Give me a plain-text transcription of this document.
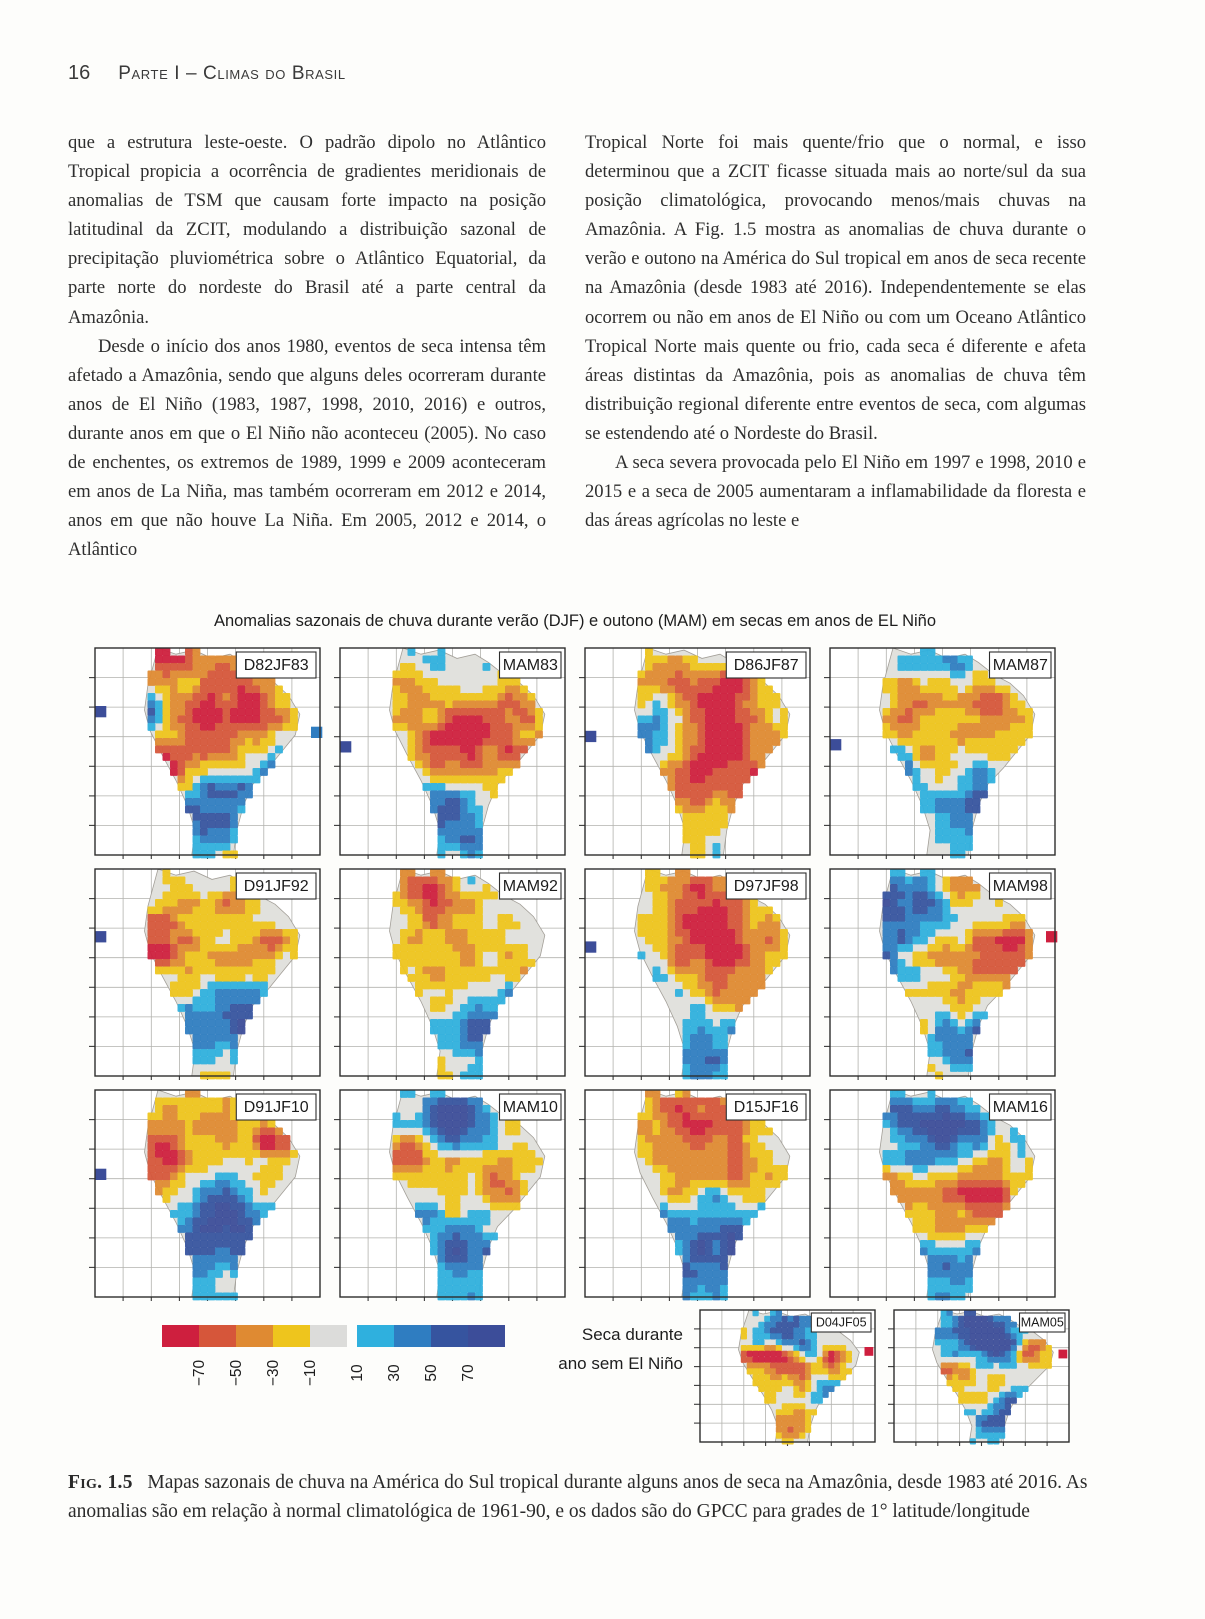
16 Parte I – Climas do Brasil

que a estrutura leste-oeste. O padrão dipolo no Atlântico Tropical propicia a ocorrência de gradientes meridionais de anomalias de TSM que causam forte impacto na posição latitudinal da ZCIT, modulando a distribuição sazonal de precipitação pluviométrica sobre o Atlântico Equatorial, da parte norte do nordeste do Brasil até a parte central da Amazônia.

Desde o início dos anos 1980, eventos de seca intensa têm afetado a Amazônia, sendo que alguns deles ocorreram durante anos de El Niño (1983, 1987, 1998, 2010, 2016) e outros, durante anos em que o El Niño não aconteceu (2005). No caso de enchentes, os extremos de 1989, 1999 e 2009 aconteceram em anos de La Niña, mas também ocorreram em 2012 e 2014, anos em que não houve La Niña. Em 2005, 2012 e 2014, o Atlântico

Tropical Norte foi mais quente/frio que o normal, e isso determinou que a ZCIT ficasse situada mais ao norte/sul da sua posição climatológica, provocando menos/mais chuvas na Amazônia. A Fig. 1.5 mostra as anomalias de chuva durante o verão e outono na América do Sul tropical em anos de seca recente na Amazônia (desde 1983 até 2016). Independentemente se elas ocorrem ou não em anos de El Niño ou com um Oceano Atlântico Tropical Norte mais quente ou frio, cada seca é diferente e afeta áreas distintas da Amazônia, pois as anomalias de chuva têm distribuição regional diferente entre eventos de seca, com algumas se estendendo até o Nordeste do Brasil.

A seca severa provocada pelo El Niño em 1997 e 1998, 2010 e 2015 e a seca de 2005 aumentaram a inflamabilidade da floresta e das áreas agrícolas no leste e

Anomalias sazonais de chuva durante verão (DJF) e outono (MAM) em secas em anos de EL Niño
D82JF83	MAM83	D86JF87	MAM87
D91JF92	MAM92	D97JF98	MAM98
D91JF10	MAM10	D15JF16	MAM16
D04JF05	MAM05
−70 −50 −30 −10 10 30 50 70
Seca durante
ano sem El Niño
Fig. 1.5 Mapas sazonais de chuva na América do Sul tropical durante alguns anos de seca na Amazônia, desde 1983 até 2016. As anomalias são em relação à normal climatológica de 1961-90, e os dados são do GPCC para grades de 1° latitude/longitude
